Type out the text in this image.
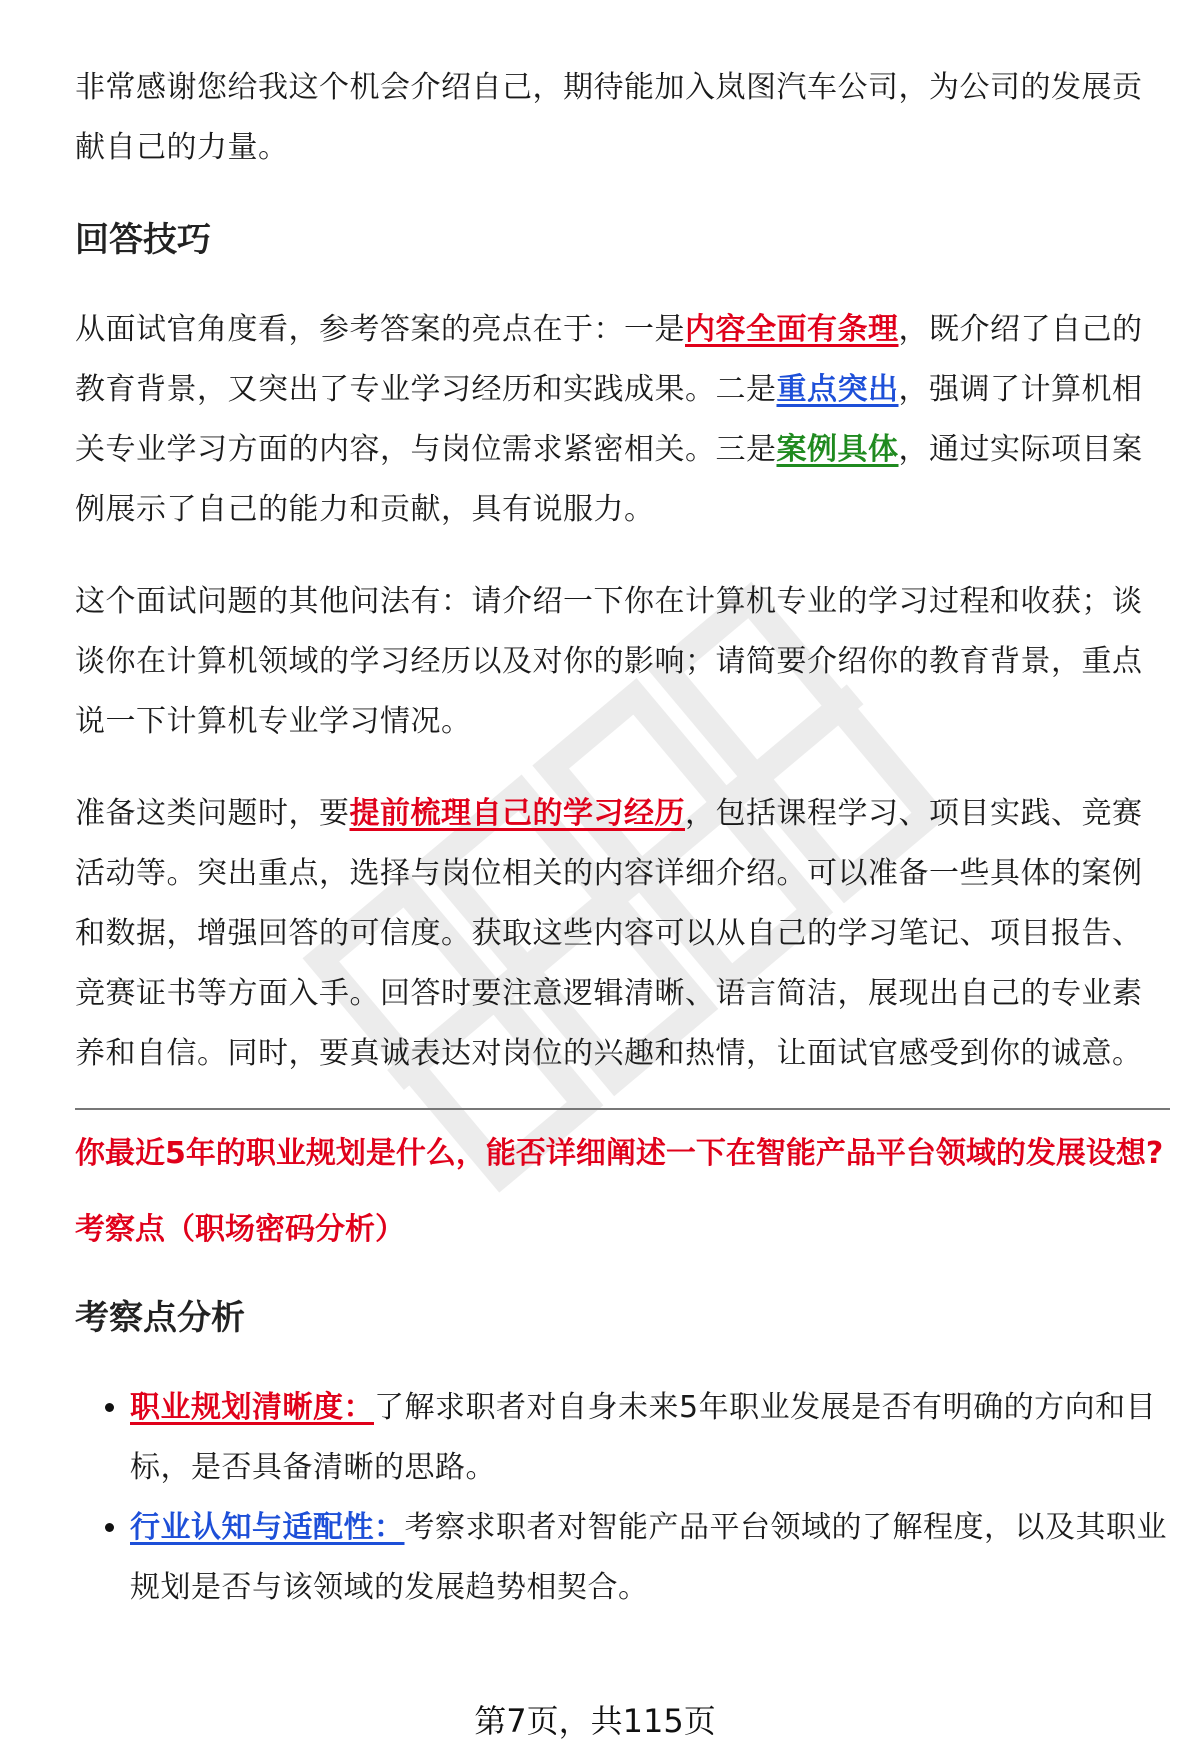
非常感谢您给我这个机会介绍自己，期待能加入岚图汽车公司，为公司的发展贡献自己的力量。

回答技巧

从面试官角度看，参考答案的亮点在于：一是内容全面有条理，既介绍了自己的教育背景，又突出了专业学习经历和实践成果。二是重点突出，强调了计算机相关专业学习方面的内容，与岗位需求紧密相关。三是案例具体，通过实际项目案例展示了自己的能力和贡献，具有说服力。

这个面试问题的其他问法有：请介绍一下你在计算机专业的学习过程和收获；谈谈你在计算机领域的学习经历以及对你的影响；请简要介绍你的教育背景，重点说一下计算机专业学习情况。

准备这类问题时，要提前梳理自己的学习经历，包括课程学习、项目实践、竞赛活动等。突出重点，选择与岗位相关的内容详细介绍。可以准备一些具体的案例和数据，增强回答的可信度。获取这些内容可以从自己的学习笔记、项目报告、竞赛证书等方面入手。回答时要注意逻辑清晰、语言简洁，展现出自己的专业素养和自信。同时，要真诚表达对岗位的兴趣和热情，让面试官感受到你的诚意。

你最近5年的职业规划是什么，能否详细阐述一下在智能产品平台领域的发展设想?
考察点（职场密码分析）
考察点分析
• 职业规划清晰度：了解求职者对自身未来5年职业发展是否有明确的方向和目标，是否具备清晰的思路。
• 行业认知与适配性：考察求职者对智能产品平台领域的了解程度，以及其职业规划是否与该领域的发展趋势相契合。
第7页，共115页
